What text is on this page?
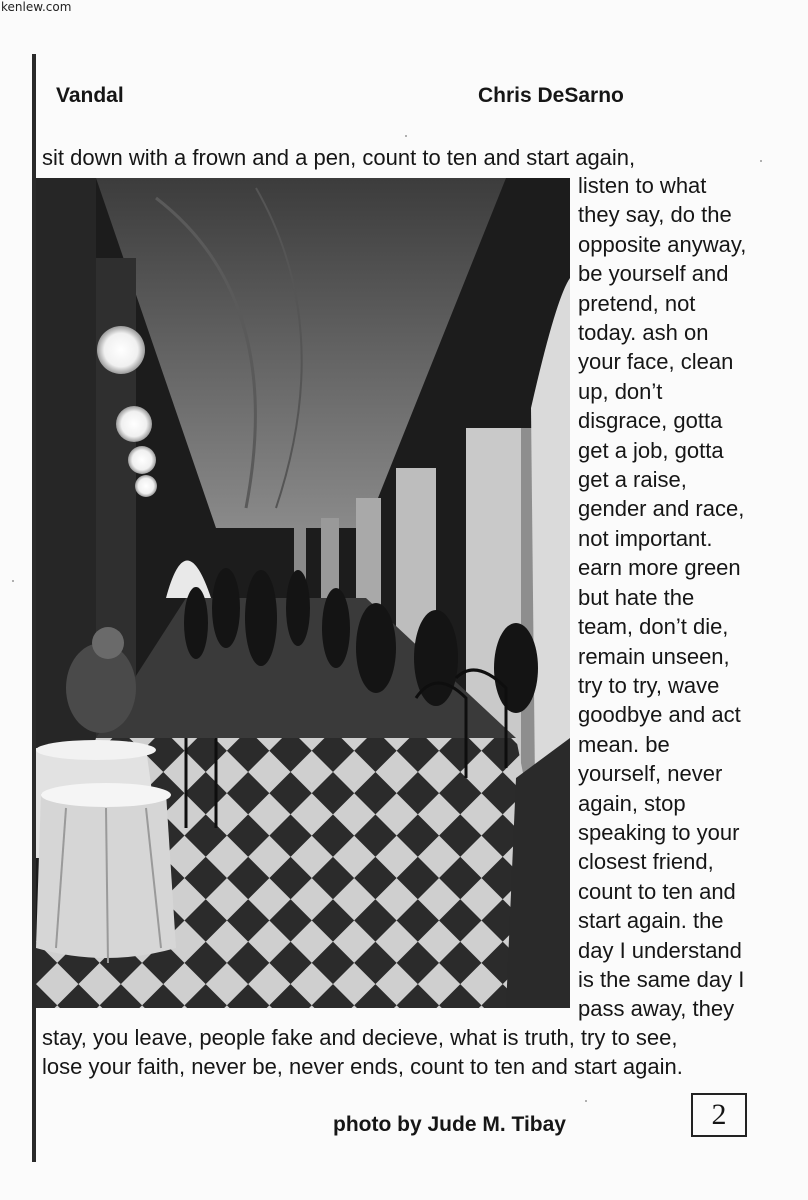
kenlew.com
Vandal	Chris DeSarno
sit down with a frown and a pen, count to ten and start again,
listen to what
they say, do the
opposite anyway,
be yourself and
pretend, not
today. ash on
your face, clean
up, don’t
disgrace, gotta
get a job, gotta
get a raise,
gender and race,
not important.
earn more green
but hate the
team, don’t die,
remain unseen,
try to try, wave
goodbye and act
mean. be
yourself, never
again, stop
speaking to your
closest friend,
count to ten and
start again. the
day I understand
is the same day I
pass away, they
stay, you leave, people fake and decieve, what is truth, try to see,
lose your faith, never be, never ends, count to ten and start again.
photo by Jude M. Tibay	2
